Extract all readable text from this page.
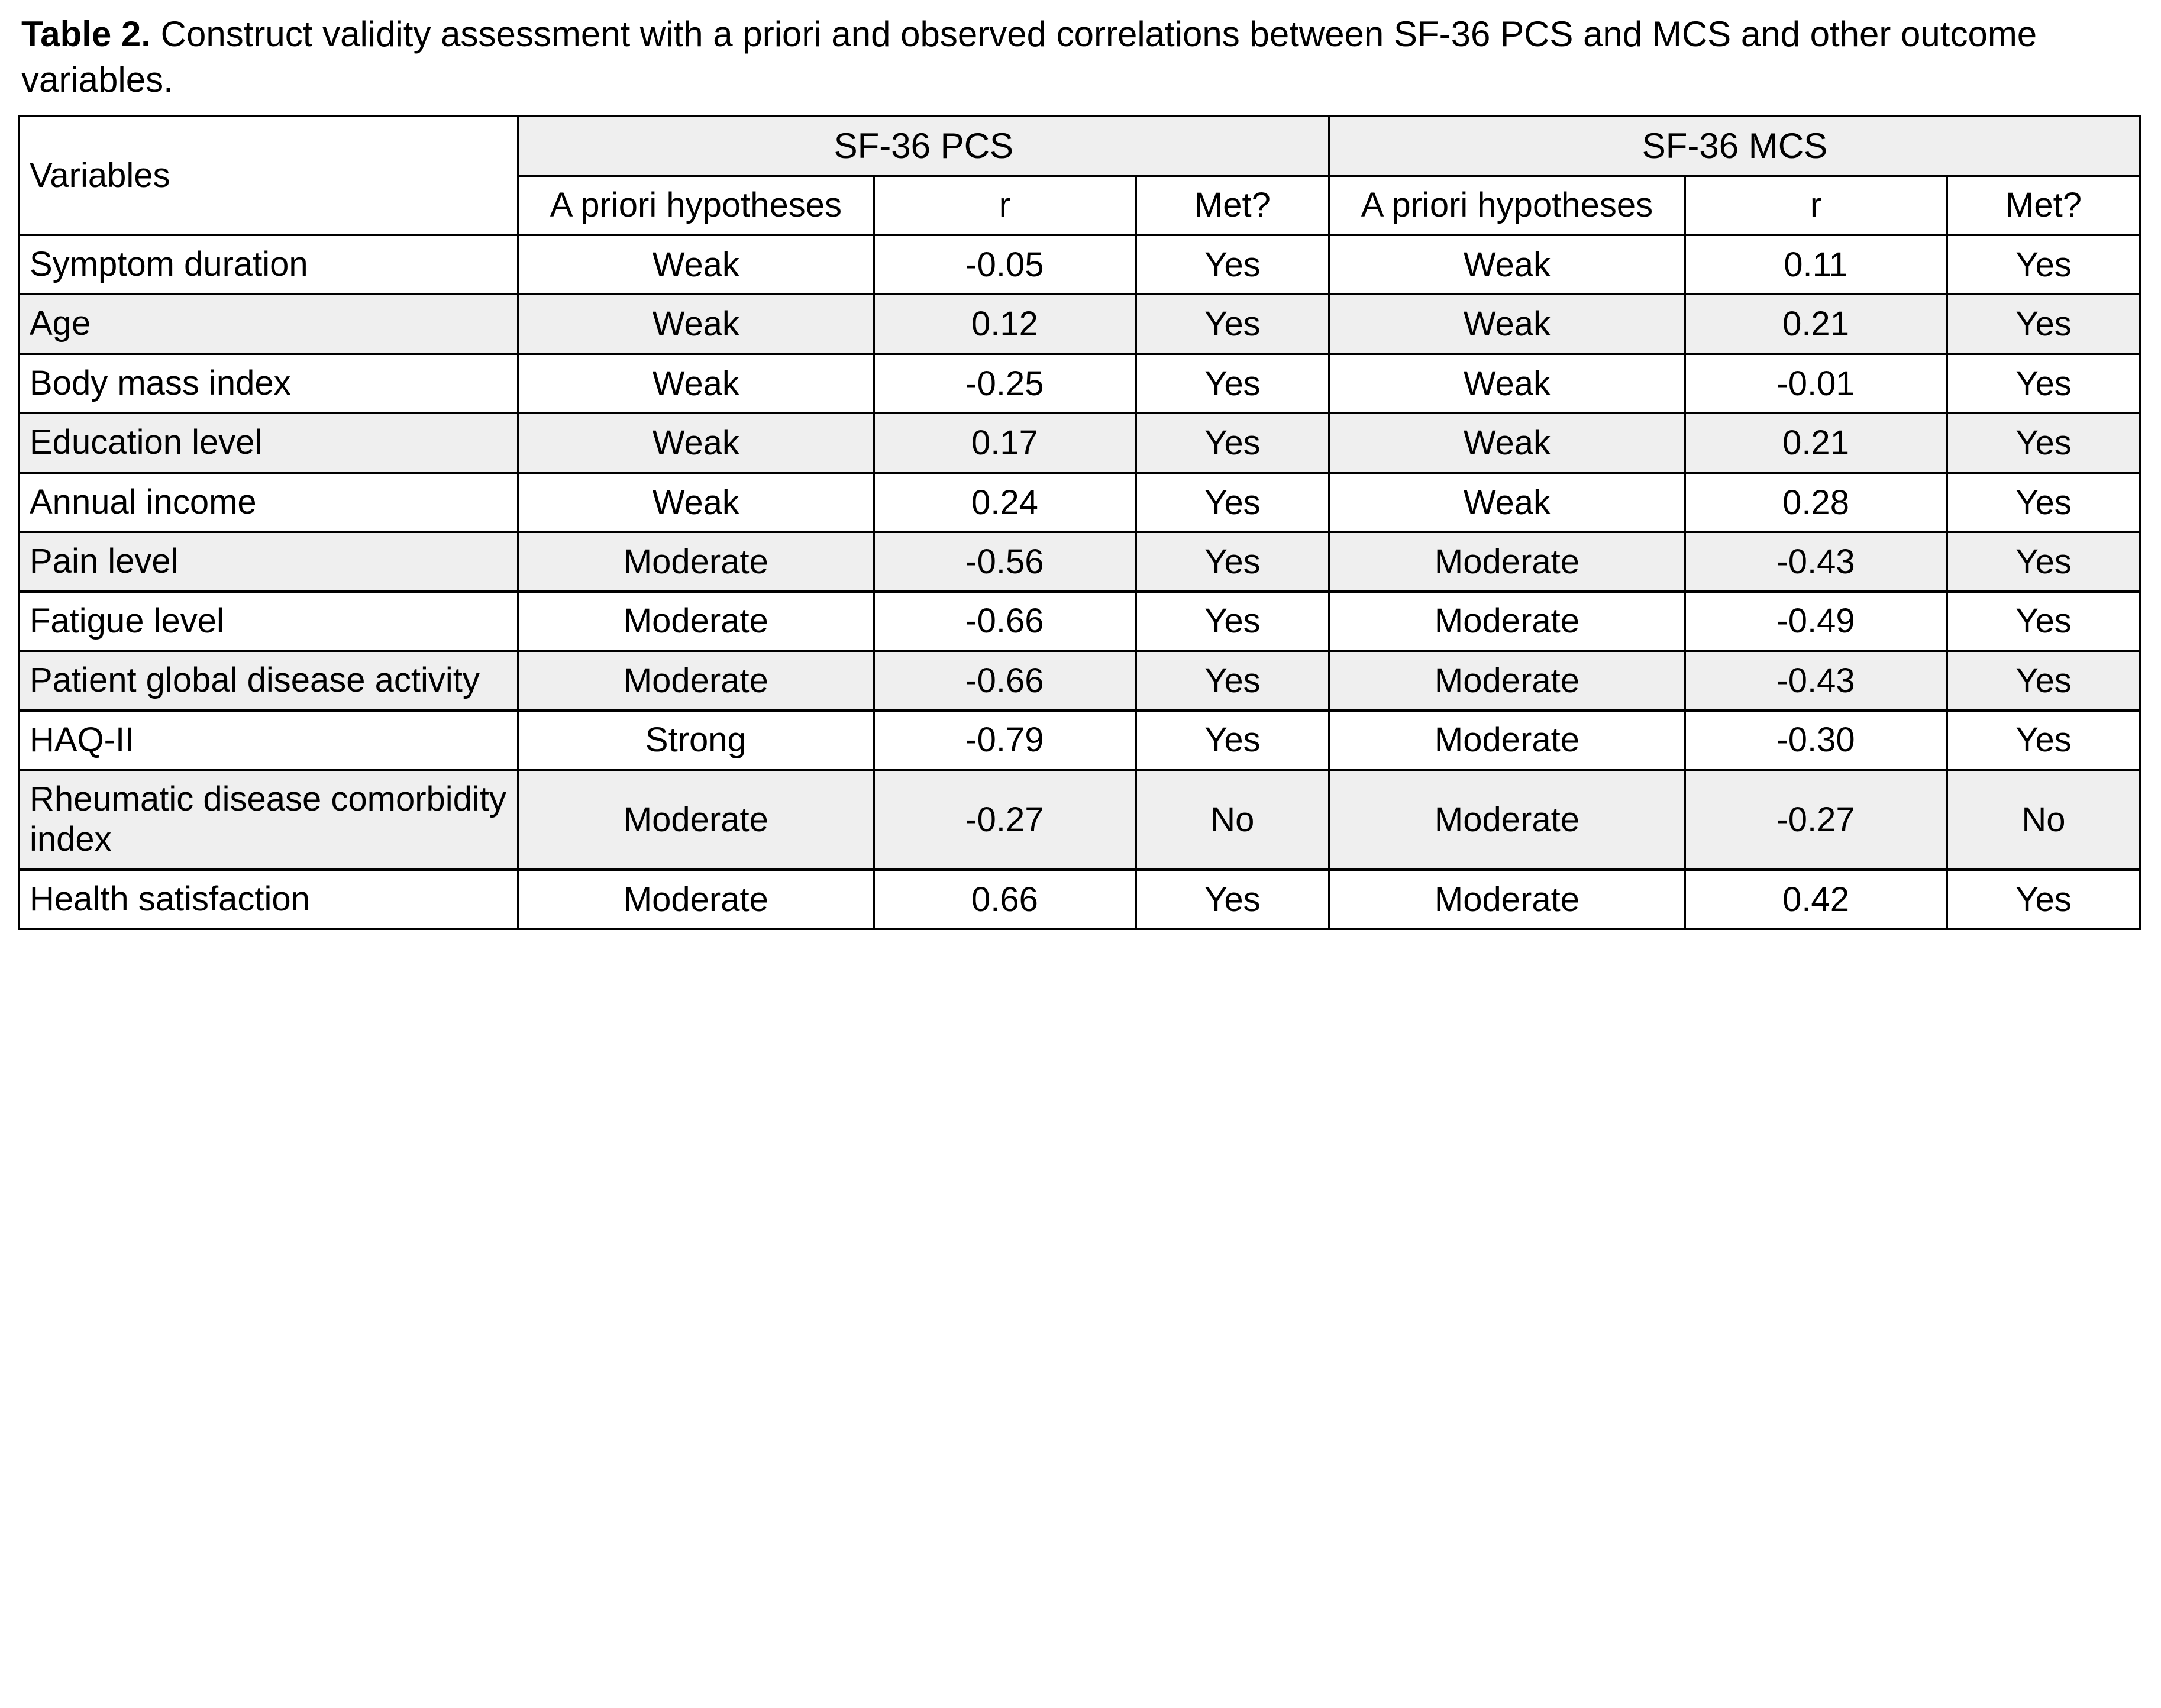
Table 2. Construct validity assessment with a priori and observed correlations between SF-36 PCS and MCS and other outcome variables.
Variables	SF-36 PCS			SF-36 MCS		
	A priori hypotheses	r	Met?	A priori hypotheses	r	Met?
Symptom duration	Weak	-0.05	Yes	Weak	0.11	Yes
Age	Weak	0.12	Yes	Weak	0.21	Yes
Body mass index	Weak	-0.25	Yes	Weak	-0.01	Yes
Education level	Weak	0.17	Yes	Weak	0.21	Yes
Annual income	Weak	0.24	Yes	Weak	0.28	Yes
Pain level	Moderate	-0.56	Yes	Moderate	-0.43	Yes
Fatigue level	Moderate	-0.66	Yes	Moderate	-0.49	Yes
Patient global disease activity	Moderate	-0.66	Yes	Moderate	-0.43	Yes
HAQ-II	Strong	-0.79	Yes	Moderate	-0.30	Yes
Rheumatic disease comorbidity index	Moderate	-0.27	No	Moderate	-0.27	No
Health satisfaction	Moderate	0.66	Yes	Moderate	0.42	Yes
